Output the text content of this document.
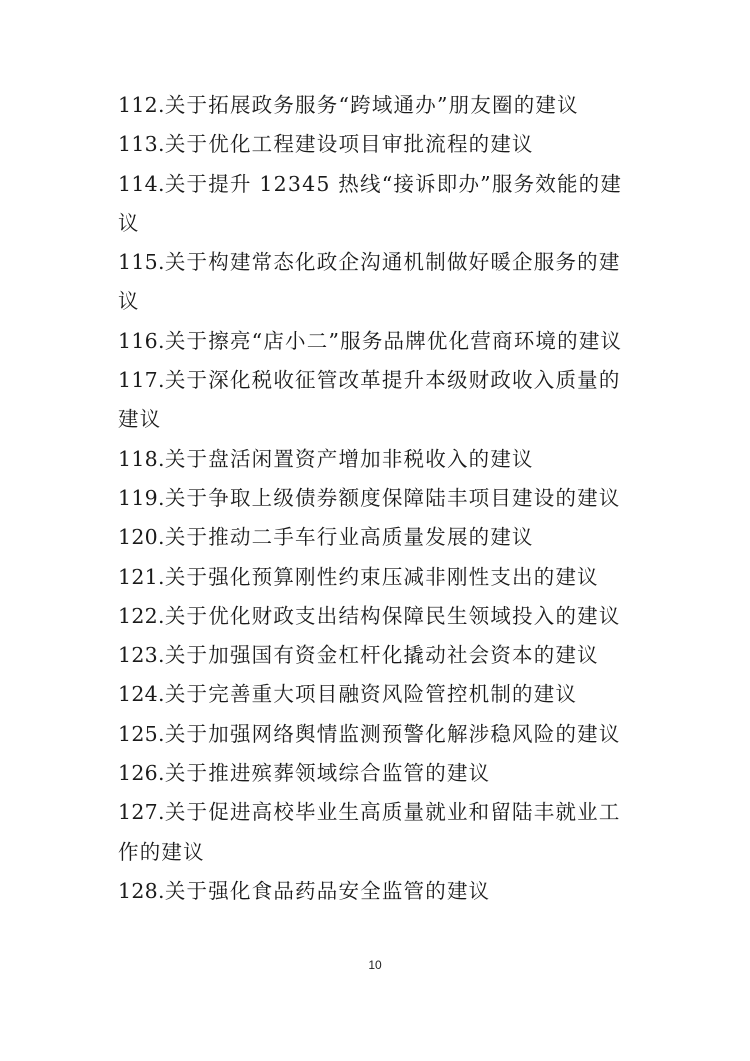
112.关于拓展政务服务“跨域通办”朋友圈的建议
113.关于优化工程建设项目审批流程的建议
114.关于提升 12345 热线“接诉即办”服务效能的建议
115.关于构建常态化政企沟通机制做好暖企服务的建议
116.关于擦亮“店小二”服务品牌优化营商环境的建议
117.关于深化税收征管改革提升本级财政收入质量的建议
118.关于盘活闲置资产增加非税收入的建议
119.关于争取上级债券额度保障陆丰项目建设的建议
120.关于推动二手车行业高质量发展的建议
121.关于强化预算刚性约束压减非刚性支出的建议
122.关于优化财政支出结构保障民生领域投入的建议
123.关于加强国有资金杠杆化撬动社会资本的建议
124.关于完善重大项目融资风险管控机制的建议
125.关于加强网络舆情监测预警化解涉稳风险的建议
126.关于推进殡葬领域综合监管的建议
127.关于促进高校毕业生高质量就业和留陆丰就业工作的建议
128.关于强化食品药品安全监管的建议
10
